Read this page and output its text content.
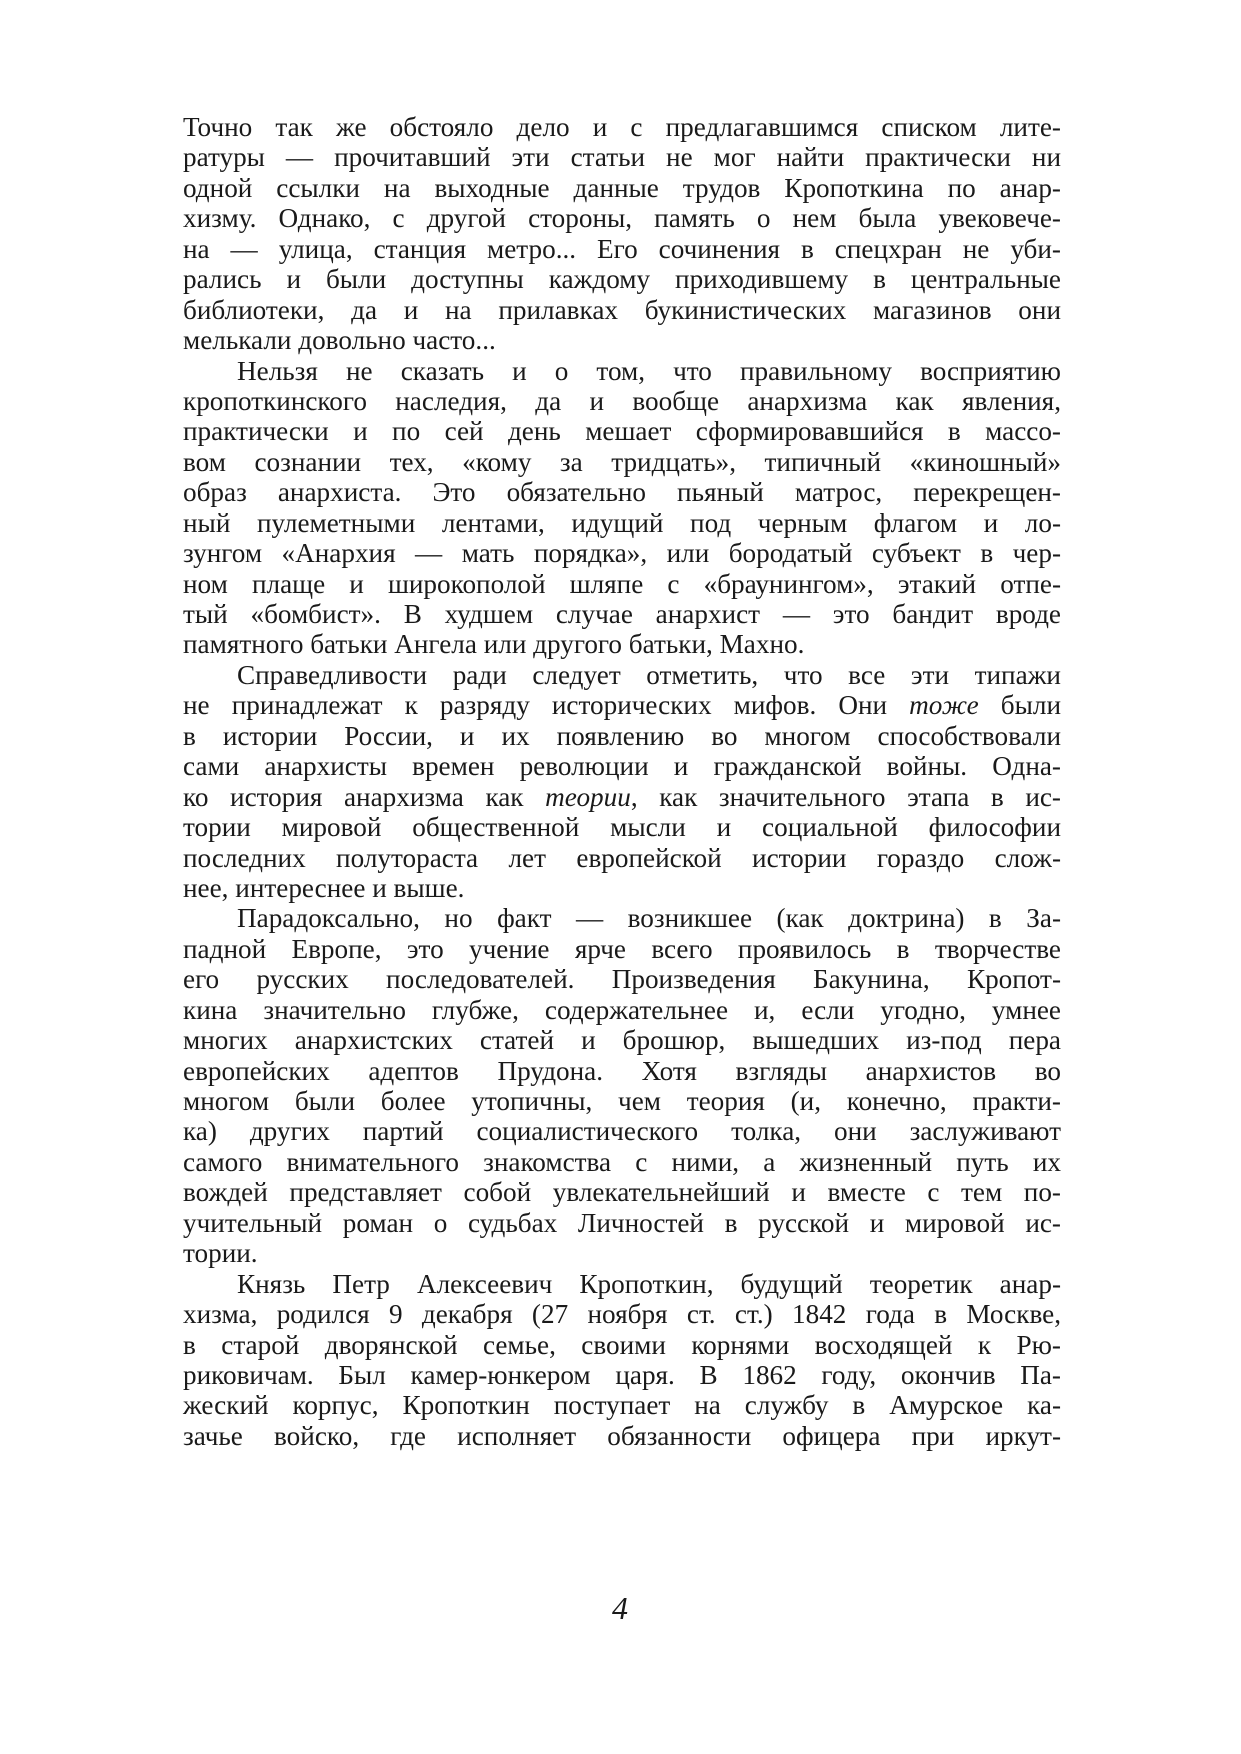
Точно так же обстояло дело и с предлагавшимся списком лите-
ратуры — прочитавший эти статьи не мог найти практически ни
одной ссылки на выходные данные трудов Кропоткина по анар-
хизму. Однако, с другой стороны, память о нем была увековече-
на — улица, станция метро... Его сочинения в спецхран не уби-
рались и были доступны каждому приходившему в центральные
библиотеки, да и на прилавках букинистических магазинов они
мелькали довольно часто...

Нельзя не сказать и о том, что правильному восприятию
кропоткинского наследия, да и вообще анархизма как явления,
практически и по сей день мешает сформировавшийся в массо-
вом сознании тех, «кому за тридцать», типичный «киношный»
образ анархиста. Это обязательно пьяный матрос, перекрещен-
ный пулеметными лентами, идущий под черным флагом и ло-
зунгом «Анархия — мать порядка», или бородатый субъект в чер-
ном плаще и широкополой шляпе с «браунингом», этакий отпе-
тый «бомбист». В худшем случае анархист — это бандит вроде
памятного батьки Ангела или другого батьки, Махно.

Справедливости ради следует отметить, что все эти типажи
не принадлежат к разряду исторических мифов. Они тоже были
в истории России, и их появлению во многом способствовали
сами анархисты времен революции и гражданской войны. Одна-
ко история анархизма как теории, как значительного этапа в ис-
тории мировой общественной мысли и социальной философии
последних полутораста лет европейской истории гораздо слож-
нее, интереснее и выше.

Парадоксально, но факт — возникшее (как доктрина) в За-
падной Европе, это учение ярче всего проявилось в творчестве
его русских последователей. Произведения Бакунина, Кропот-
кина значительно глубже, содержательнее и, если угодно, умнее
многих анархистских статей и брошюр, вышедших из-под пера
европейских адептов Прудона. Хотя взгляды анархистов во
многом были более утопичны, чем теория (и, конечно, практи-
ка) других партий социалистического толка, они заслуживают
самого внимательного знакомства с ними, а жизненный путь их
вождей представляет собой увлекательнейший и вместе с тем по-
учительный роман о судьбах Личностей в русской и мировой ис-
тории.

Князь Петр Алексеевич Кропоткин, будущий теоретик анар-
хизма, родился 9 декабря (27 ноября ст. ст.) 1842 года в Москве,
в старой дворянской семье, своими корнями восходящей к Рю-
риковичам. Был камер-юнкером царя. В 1862 году, окончив Па-
жеский корпус, Кропоткин поступает на службу в Амурское ка-
зачье войско, где исполняет обязанности офицера при иркут-

4
